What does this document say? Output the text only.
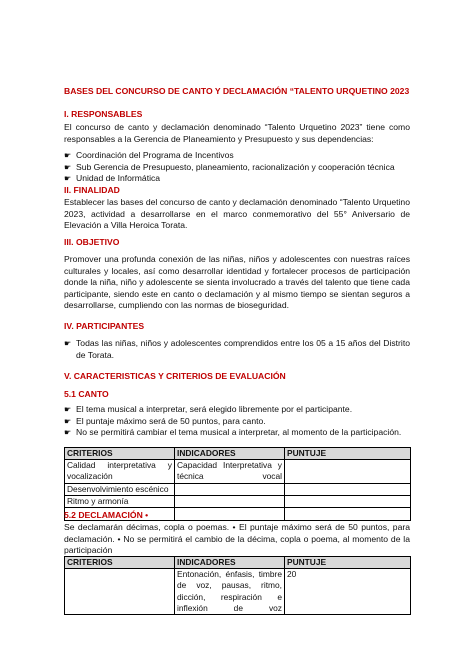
BASES DEL CONCURSO DE CANTO Y DECLAMACIÓN “TALENTO URQUETINO 2023
I. RESPONSABLES
El concurso de canto y declamación denominado “Talento Urquetino 2023” tiene como responsables a la Gerencia de Planeamiento y Presupuesto y sus dependencias:
☛ Coordinación del Programa de Incentivos
☛ Sub Gerencia de Presupuesto, planeamiento, racionalización y cooperación técnica
☛ Unidad de Informática
II. FINALIDAD
Establecer las bases del concurso de canto y declamación denominado “Talento Urquetino 2023, actividad a desarrollarse en el marco conmemorativo del 55° Aniversario de Elevación a Villa Heroica Torata.
III. OBJETIVO
Promover una profunda conexión de las niñas, niños y adolescentes con nuestras raíces culturales y locales, así como desarrollar identidad y fortalecer procesos de participación donde la niña, niño y adolescente se sienta involucrado a través del talento que tiene cada participante, siendo este en canto o declamación y al mismo tiempo se sientan seguros a desarrollarse, cumpliendo con las normas de bioseguridad.
IV. PARTICIPANTES
☛ Todas las niñas, niños y adolescentes comprendidos entre los 05 a 15 años del Distrito de Torata.
V. CARACTERISTICAS Y CRITERIOS DE EVALUACIÓN
5.1 CANTO
☛ El tema musical a interpretar, será elegido libremente por el participante.
☛ El puntaje máximo será de 50 puntos, para canto.
☛ No se permitirá cambiar el tema musical a interpretar, al momento de la participación.
CRITERIOS	INDICADORES	PUNTUJE
Calidad interpretativa y vocalización	Capacidad Interpretativa y técnica vocal	
Desenvolvimiento escénico		
Ritmo y armonía		

5.2 DECLAMACIÓN •
Se declamarán décimas, copla o poemas. • El puntaje máximo será de 50 puntos, para declamación. • No se permitirá el cambio de la décima, copla o poema, al momento de la participación
CRITERIOS	INDICADORES	PUNTUJE
	Entonación, énfasis, timbre de voz, pausas, ritmo, dicción, respiración e inflexión de voz	20
